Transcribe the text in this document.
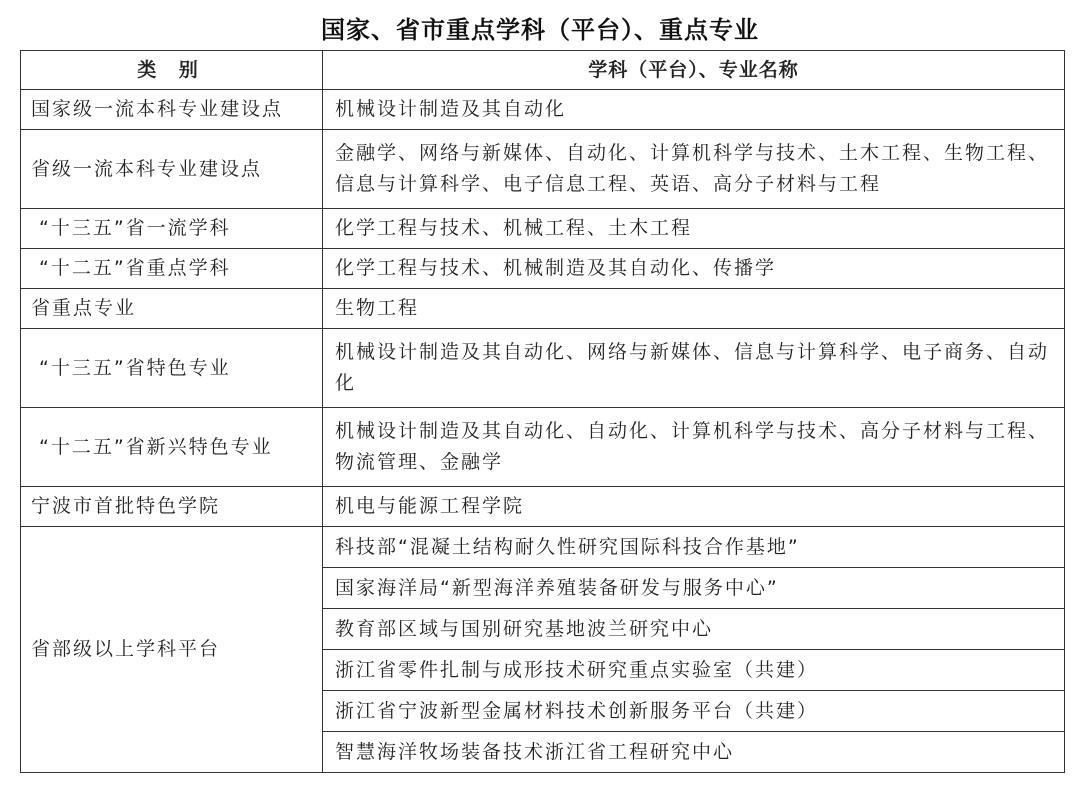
国家、省市重点学科（平台）、重点专业
类 别	学科（平台）、专业名称
国家级一流本科专业建设点	机械设计制造及其自动化
省级一流本科专业建设点	金融学、网络与新媒体、自动化、计算机科学与技术、土木工程、生物工程、信息与计算科学、电子信息工程、英语、高分子材料与工程
“十三五”省一流学科	化学工程与技术、机械工程、土木工程
“十二五”省重点学科	化学工程与技术、机械制造及其自动化、传播学
省重点专业	生物工程
“十三五”省特色专业	机械设计制造及其自动化、网络与新媒体、信息与计算科学、电子商务、自动化
“十二五”省新兴特色专业	机械设计制造及其自动化、自动化、计算机科学与技术、高分子材料与工程、物流管理、金融学
宁波市首批特色学院	机电与能源工程学院
省部级以上学科平台	科技部“混凝土结构耐久性研究国际科技合作基地”
	国家海洋局“新型海洋养殖装备研发与服务中心”
	教育部区域与国别研究基地波兰研究中心
	浙江省零件扎制与成形技术研究重点实验室（共建）
	浙江省宁波新型金属材料技术创新服务平台（共建）
	智慧海洋牧场装备技术浙江省工程研究中心
